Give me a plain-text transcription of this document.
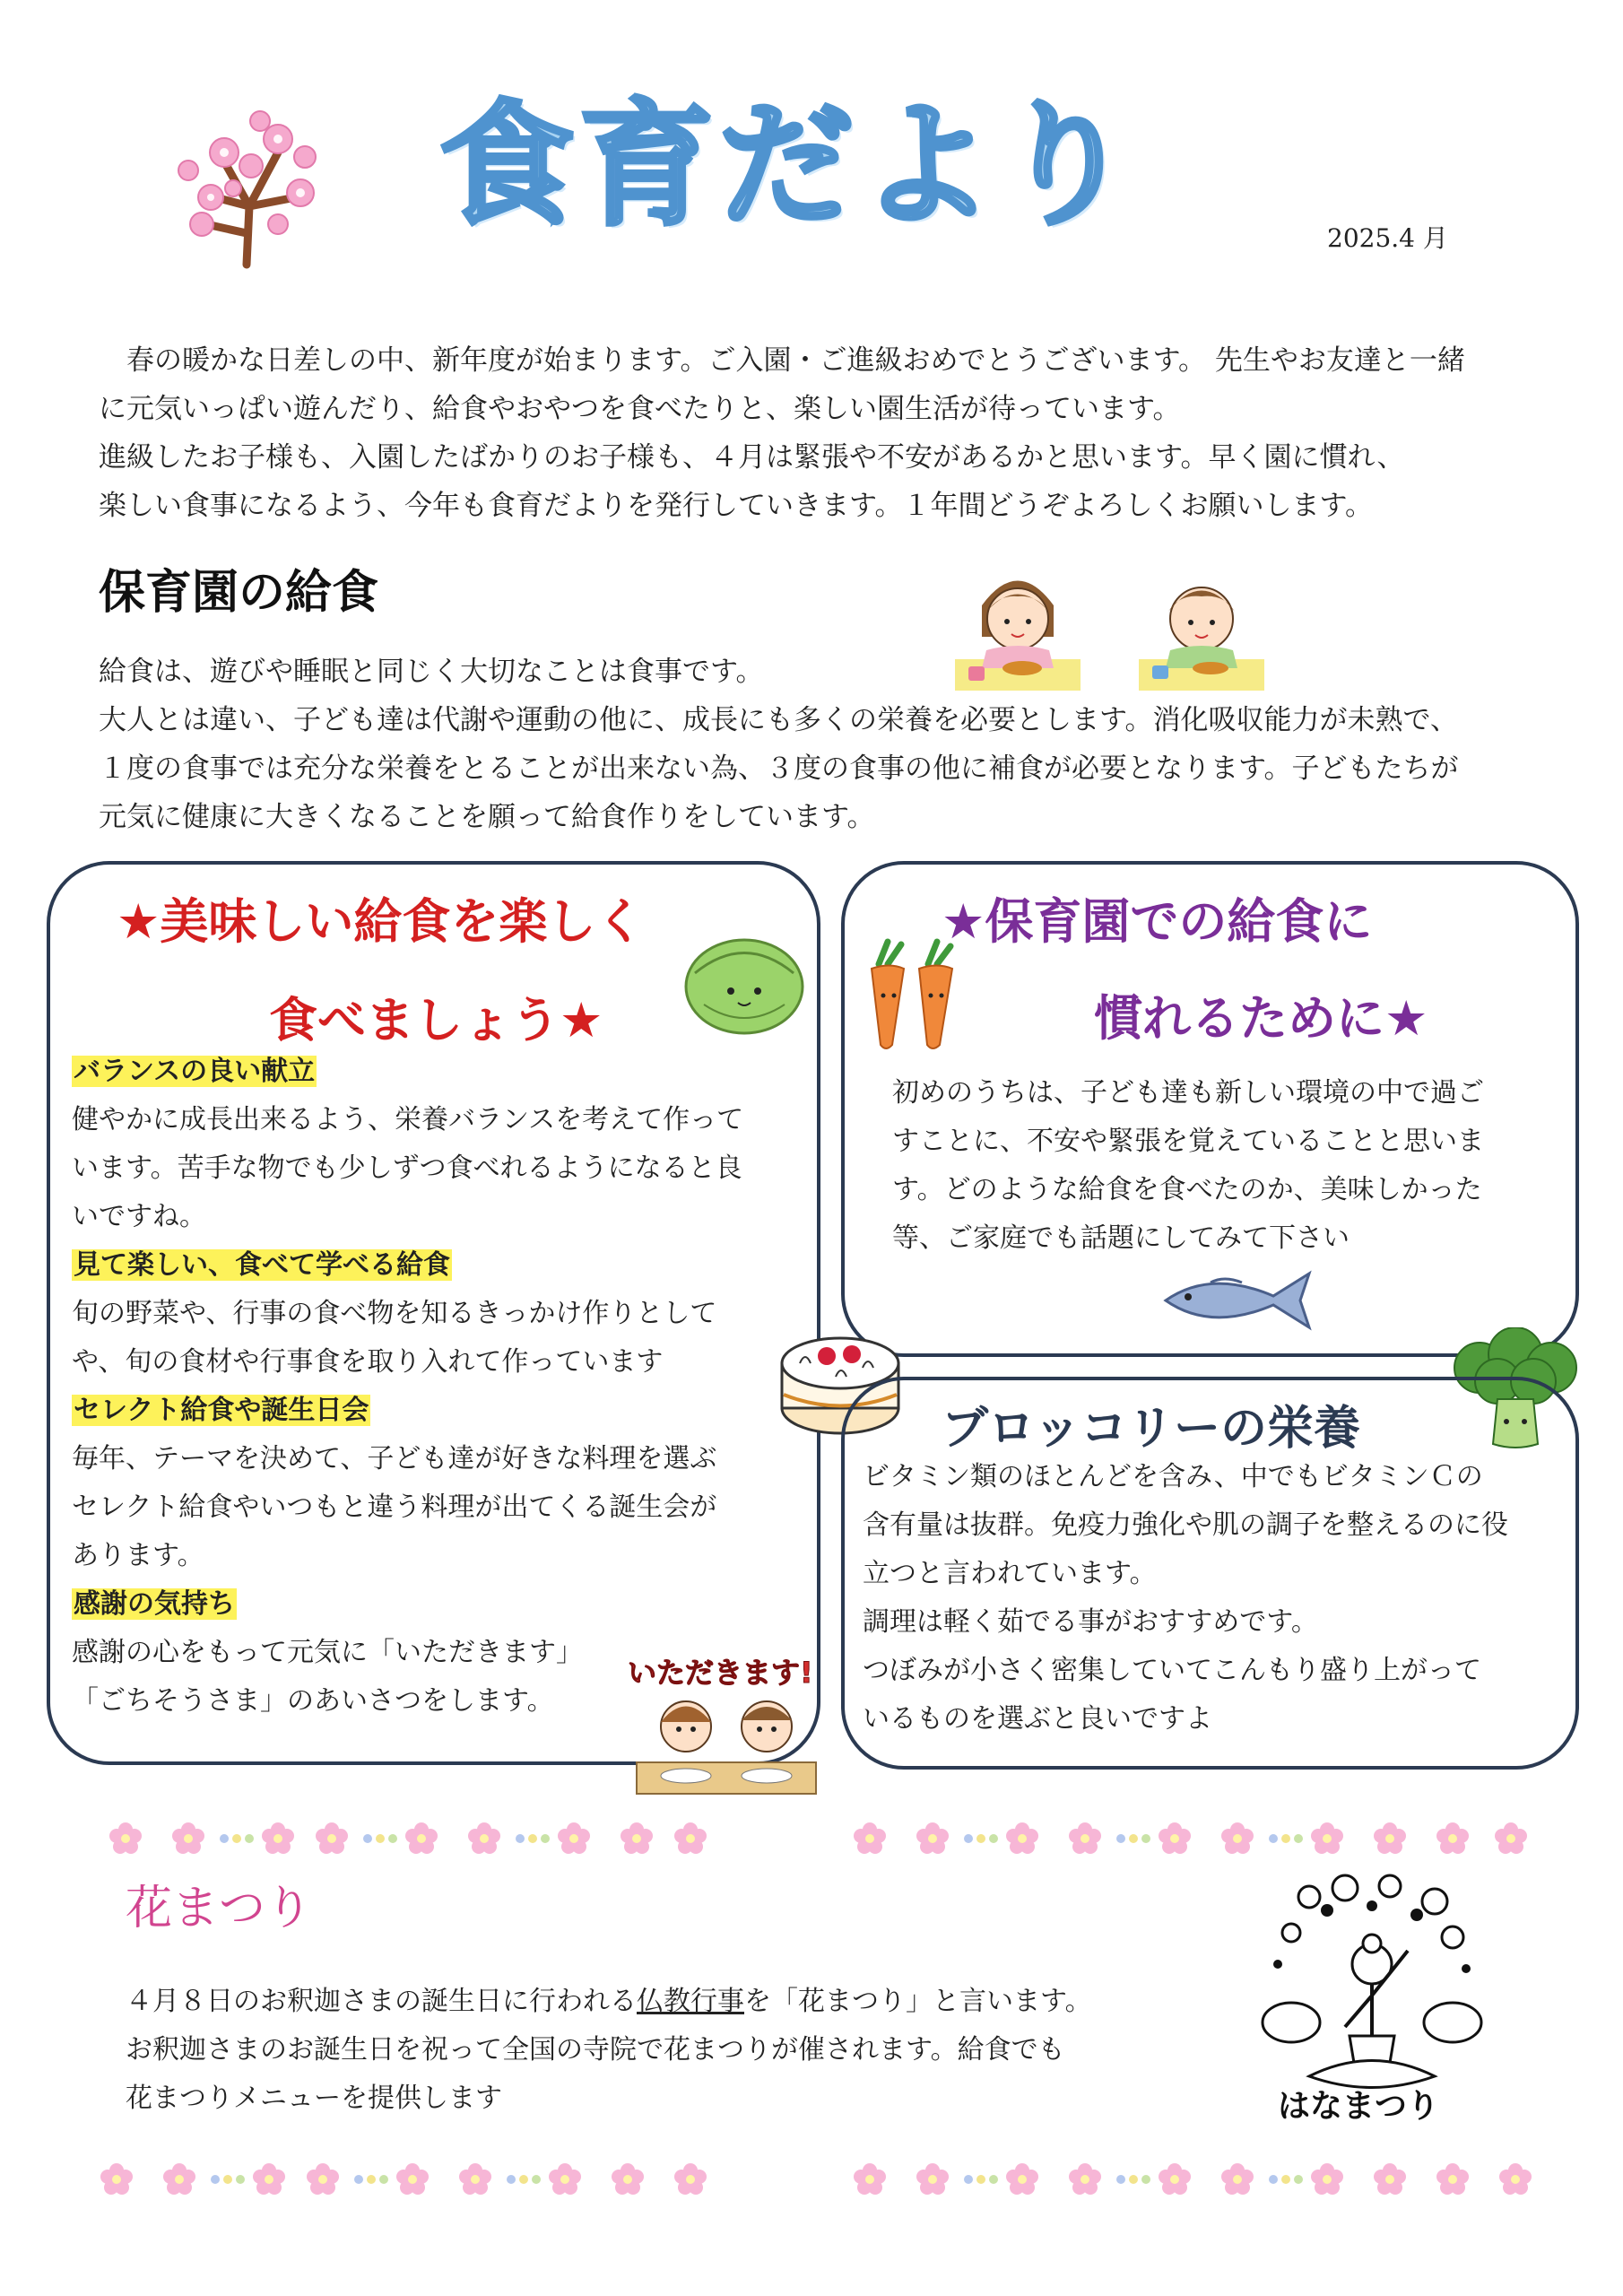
食育だより	2025.4 月

　春の暖かな日差しの中、新年度が始まります。ご入園・ご進級おめでとうございます。 先生やお友達と一緒

に元気いっぱい遊んだり、給食やおやつを食べたりと、楽しい園生活が待っています。

進級したお子様も、入園したばかりのお子様も、４月は緊張や不安があるかと思います。早く園に慣れ、

楽しい食事になるよう、今年も食育だよりを発行していきます。１年間どうぞよろしくお願いします。

保育園の給食

給食は、遊びや睡眠と同じく大切なことは食事です。

大人とは違い、子ども達は代謝や運動の他に、成長にも多くの栄養を必要とします。消化吸収能力が未熟で、

１度の食事では充分な栄養をとることが出来ない為、３度の食事の他に補食が必要となります。子どもたちが

元気に健康に大きくなることを願って給食作りをしています。

★美味しい給食を楽しく
食べましょう★
バランスの良い献立

健やかに成長出来るよう、栄養バランスを考えて作って

います。苦手な物でも少しずつ食べれるようになると良

いですね。

見て楽しい、食べて学べる給食

旬の野菜や、行事の食べ物を知るきっかけ作りとして

や、旬の食材や行事食を取り入れて作っています

セレクト給食や誕生日会

毎年、テーマを決めて、子ども達が好きな料理を選ぶ

セレクト給食やいつもと違う料理が出てくる誕生会が

あります。

感謝の気持ち

感謝の心をもって元気に「いただきます」

「ごちそうさま」のあいさつをします。

いただきます!
★保育園での給食に
慣れるために★

初めのうちは、子ども達も新しい環境の中で過ご

すことに、不安や緊張を覚えていることと思いま

す。どのような給食を食べたのか、美味しかった

等、ご家庭でも話題にしてみて下さい

ブロッコリーの栄養

ビタミン類のほとんどを含み、中でもビタミンＣの

含有量は抜群。免疫力強化や肌の調子を整えるのに役

立つと言われています。

調理は軽く茹でる事がおすすめです。

つぼみが小さく密集していてこんもり盛り上がって

いるものを選ぶと良いですよ

花まつり

４月８日のお釈迦さまの誕生日に行われる仏教行事を「花まつり」と言います。

お釈迦さまのお誕生日を祝って全国の寺院で花まつりが催されます。給食でも

花まつりメニューを提供します	はなまつり
